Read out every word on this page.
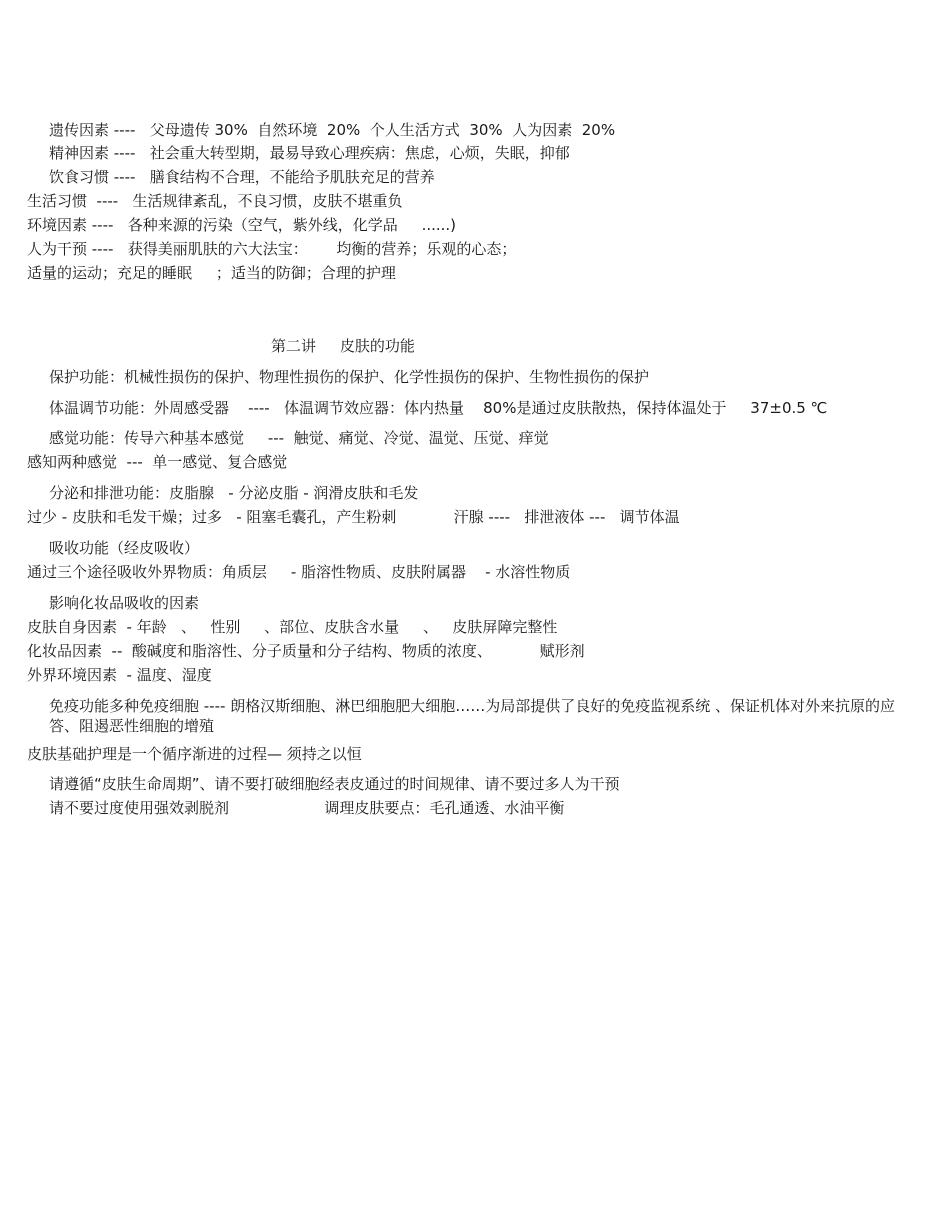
遗传因素 ----   父母遗传 30%  自然环境  20%  个人生活方式  30%  人为因素  20%
精神因素 ----   社会重大转型期，最易导致心理疾病：焦虑，心烦，失眠，抑郁
饮食习惯 ----   膳食结构不合理，不能给予肌肤充足的营养
生活习惯  ----   生活规律紊乱，不良习惯，皮肤不堪重负
环境因素 ----   各种来源的污染（空气，紫外线，化学品     ......)
人为干预 ----   获得美丽肌肤的六大法宝：      均衡的营养；乐观的心态；
适量的运动；充足的睡眠     ；适当的防御；合理的护理
第二讲     皮肤的功能
保护功能：机械性损伤的保护、物理性损伤的保护、化学性损伤的保护、生物性损伤的保护
体温调节功能：外周感受器    ----   体温调节效应器：体内热量    80%是通过皮肤散热，保持体温处于     37±0.5 ℃
感觉功能：传导六种基本感觉     ---  触觉、痛觉、冷觉、温觉、压觉、痒觉
感知两种感觉  ---  单一感觉、复合感觉
分泌和排泄功能：皮脂腺   - 分泌皮脂 - 润滑皮肤和毛发
过少 - 皮肤和毛发干燥；过多   - 阻塞毛囊孔，产生粉刺            汗腺 ----   排泄液体 ---   调节体温
吸收功能（经皮吸收）
通过三个途径吸收外界物质：角质层     - 脂溶性物质、皮肤附属器    - 水溶性物质
影响化妆品吸收的因素
皮肤自身因素  - 年龄   、   性别     、部位、皮肤含水量     、   皮肤屏障完整性
化妆品因素  --  酸碱度和脂溶性、分子质量和分子结构、物质的浓度、          赋形剂
外界环境因素  - 温度、湿度
免疫功能多种免疫细胞 ---- 朗格汉斯细胞、淋巴细胞肥大细胞……为局部提供了良好的免疫监视系统 、保证机体对外来抗原的应答、阻遏恶性细胞的增殖
皮肤基础护理是一个循序渐进的过程— 须持之以恒
请遵循“皮肤生命周期”、请不要打破细胞经表皮通过的时间规律、请不要过多人为干预
请不要过度使用强效剥脱剂                    调理皮肤要点：毛孔通透、水油平衡
